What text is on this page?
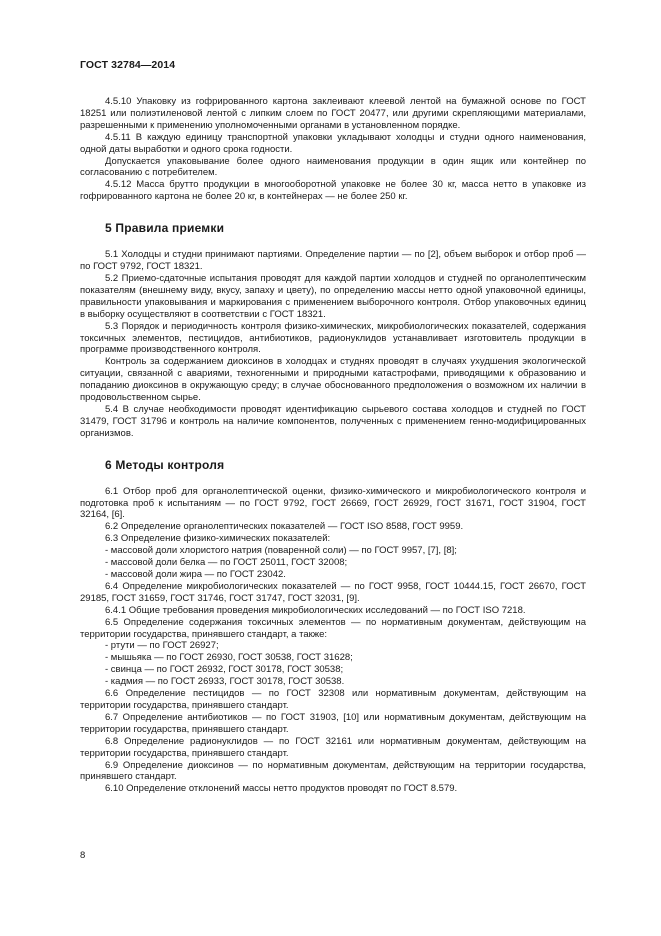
ГОСТ 32784—2014

4.5.10 Упаковку из гофрированного картона заклеивают клеевой лентой на бумажной основе по ГОСТ 18251 или полиэтиленовой лентой с липким слоем по ГОСТ 20477, или другими скрепляющими материалами, разрешенными к применению уполномоченными органами в установленном порядке.

4.5.11 В каждую единицу транспортной упаковки укладывают холодцы и студни одного наименования, одной даты выработки и одного срока годности.

Допускается упаковывание более одного наименования продукции в один ящик или контейнер по согласованию с потребителем.

4.5.12 Масса брутто продукции в многооборотной упаковке не более 30 кг, масса нетто в упаковке из гофрированного картона не более 20 кг, в контейнерах — не более 250 кг.

5 Правила приемки

5.1 Холодцы и студни принимают партиями. Определение партии — по [2], объем выборок и отбор проб — по ГОСТ 9792, ГОСТ 18321.

5.2 Приемо-сдаточные испытания проводят для каждой партии холодцов и студней по органолептическим показателям (внешнему виду, вкусу, запаху и цвету), по определению массы нетто одной упаковочной единицы, правильности упаковывания и маркирования с применением выборочного контроля. Отбор упаковочных единиц в выборку осуществляют в соответствии с ГОСТ 18321.

5.3 Порядок и периодичность контроля физико-химических, микробиологических показателей, содержания токсичных элементов, пестицидов, антибиотиков, радионуклидов устанавливает изготовитель продукции в программе производственного контроля.

Контроль за содержанием диоксинов в холодцах и студнях проводят в случаях ухудшения экологической ситуации, связанной с авариями, техногенными и природными катастрофами, приводящими к образованию и попаданию диоксинов в окружающую среду; в случае обоснованного предположения о возможном их наличии в продовольственном сырье.

5.4 В случае необходимости проводят идентификацию сырьевого состава холодцов и студней по ГОСТ 31479, ГОСТ 31796 и контроль на наличие компонентов, полученных с применением генно-модифицированных организмов.

6 Методы контроля

6.1 Отбор проб для органолептической оценки, физико-химического и микробиологического контроля и подготовка проб к испытаниям — по ГОСТ 9792, ГОСТ 26669, ГОСТ 26929, ГОСТ 31671, ГОСТ 31904, ГОСТ 32164, [6].

6.2 Определение органолептических показателей — ГОСТ ISO 8588, ГОСТ 9959.

6.3 Определение физико-химических показателей:

- массовой доли хлористого натрия (поваренной соли) — по ГОСТ 9957, [7], [8];

- массовой доли белка — по ГОСТ 25011, ГОСТ 32008;

- массовой доли жира — по ГОСТ 23042.

6.4 Определение микробиологических показателей — по ГОСТ 9958, ГОСТ 10444.15, ГОСТ 26670, ГОСТ 29185, ГОСТ 31659, ГОСТ 31746, ГОСТ 31747, ГОСТ 32031, [9].

6.4.1 Общие требования проведения микробиологических исследований — по ГОСТ ISO 7218.

6.5 Определение содержания токсичных элементов — по нормативным документам, действующим на территории государства, принявшего стандарт, а также:

- ртути — по ГОСТ 26927;

- мышьяка — по ГОСТ 26930, ГОСТ 30538, ГОСТ 31628;

- свинца — по ГОСТ 26932, ГОСТ 30178, ГОСТ 30538;

- кадмия — по ГОСТ 26933, ГОСТ 30178, ГОСТ 30538.

6.6 Определение пестицидов — по ГОСТ 32308 или нормативным документам, действующим на территории государства, принявшего стандарт.

6.7 Определение антибиотиков — по ГОСТ 31903, [10] или нормативным документам, действующим на территории государства, принявшего стандарт.

6.8 Определение радионуклидов — по ГОСТ 32161 или нормативным документам, действующим на территории государства, принявшего стандарт.

6.9 Определение диоксинов — по нормативным документам, действующим на территории государства, принявшего стандарт.

6.10 Определение отклонений массы нетто продуктов проводят по ГОСТ 8.579.

8
